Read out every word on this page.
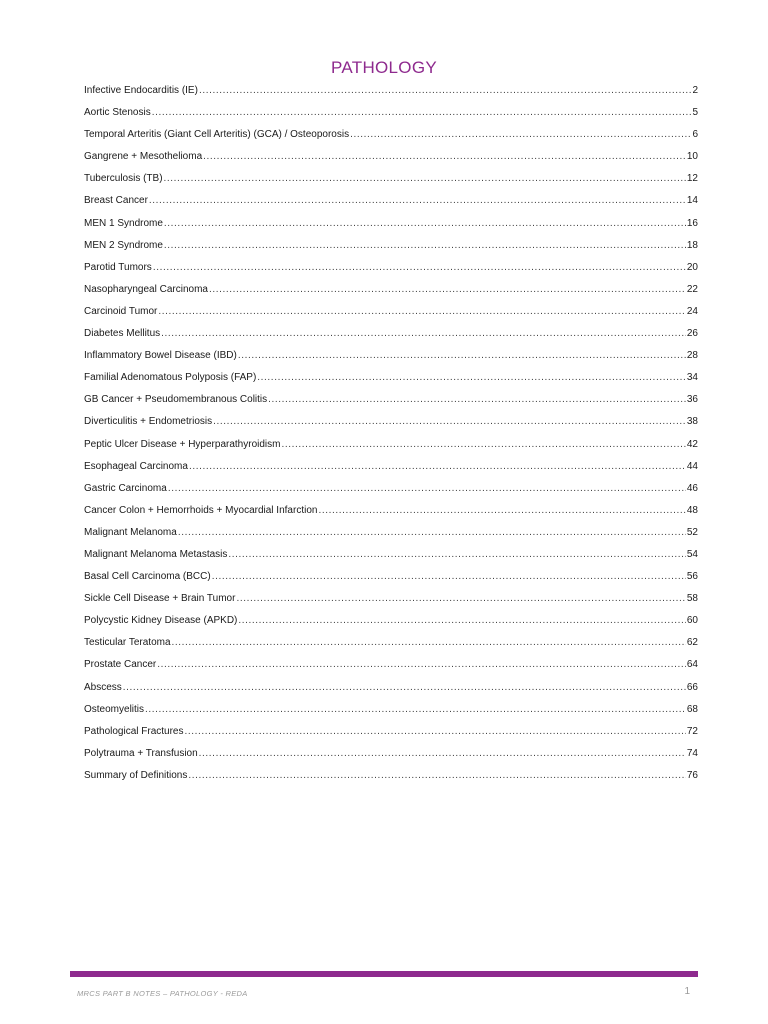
PATHOLOGY
Infective Endocarditis (IE) .....	2
Aortic Stenosis .....	5
Temporal Arteritis (Giant Cell Arteritis) (GCA) / Osteoporosis .....	6
Gangrene + Mesothelioma .....	10
Tuberculosis (TB) .....	12
Breast Cancer .....	14
MEN 1 Syndrome .....	16
MEN 2 Syndrome .....	18
Parotid Tumors .....	20
Nasopharyngeal Carcinoma .....	22
Carcinoid Tumor .....	24
Diabetes Mellitus .....	26
Inflammatory Bowel Disease (IBD) .....	28
Familial Adenomatous Polyposis (FAP) .....	34
GB Cancer + Pseudomembranous Colitis .....	36
Diverticulitis + Endometriosis .....	38
Peptic Ulcer Disease + Hyperparathyroidism .....	42
Esophageal Carcinoma .....	44
Gastric Carcinoma .....	46
Cancer Colon + Hemorrhoids + Myocardial Infarction .....	48
Malignant Melanoma .....	52
Malignant Melanoma Metastasis .....	54
Basal Cell Carcinoma (BCC) .....	56
Sickle Cell Disease + Brain Tumor .....	58
Polycystic Kidney Disease (APKD) .....	60
Testicular Teratoma .....	62
Prostate Cancer .....	64
Abscess .....	66
Osteomyelitis .....	68
Pathological Fractures .....	72
Polytrauma + Transfusion .....	74
Summary of Definitions .....	76
MRCS PART B NOTES – PATHOLOGY - REDA	1
